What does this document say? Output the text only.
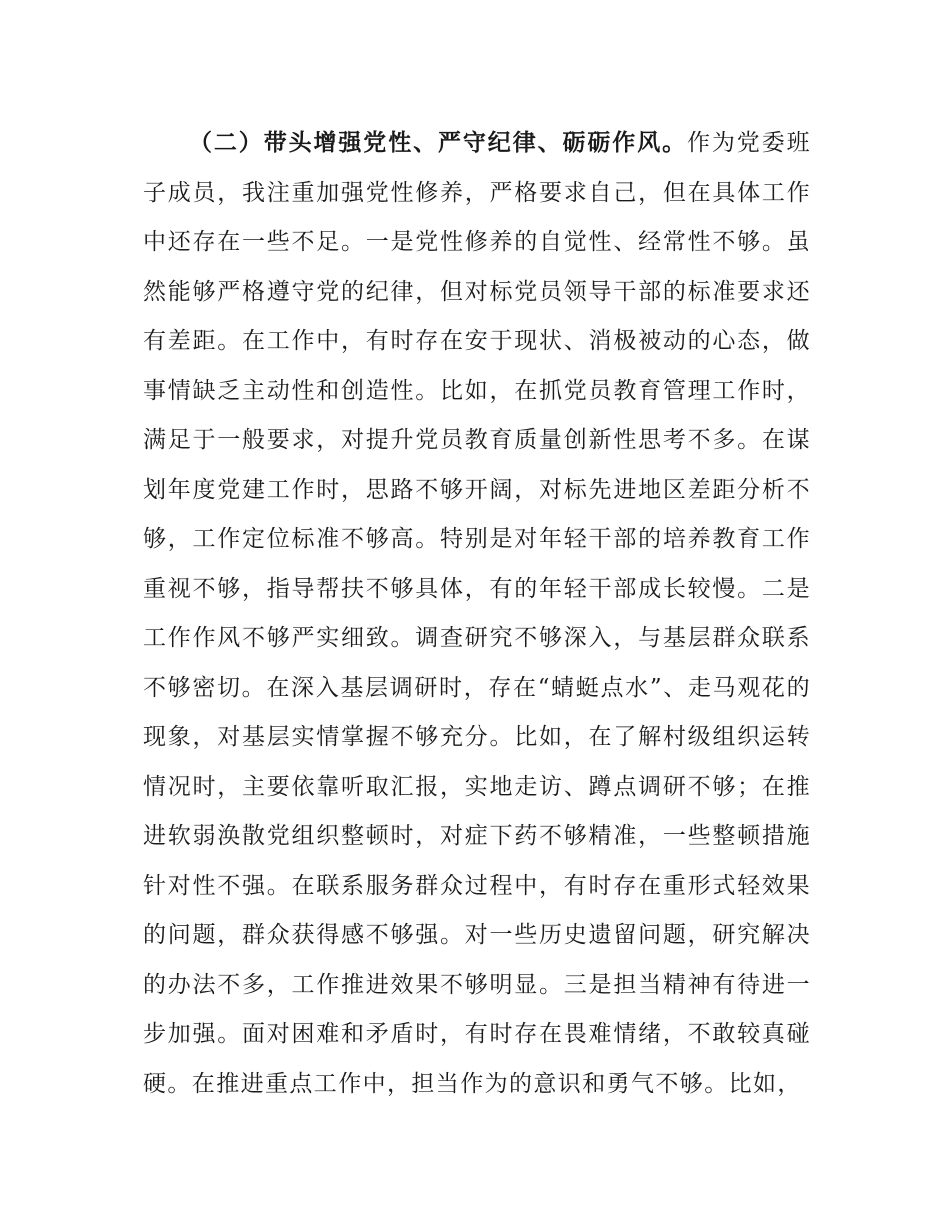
（二）带头增强党性、严守纪律、砺砺作风。作为党委班子成员，我注重加强党性修养，严格要求自己，但在具体工作中还存在一些不足。一是党性修养的自觉性、经常性不够。虽然能够严格遵守党的纪律，但对标党员领导干部的标准要求还有差距。在工作中，有时存在安于现状、消极被动的心态，做事情缺乏主动性和创造性。比如，在抓党员教育管理工作时，满足于一般要求，对提升党员教育质量创新性思考不多。在谋划年度党建工作时，思路不够开阔，对标先进地区差距分析不够，工作定位标准不够高。特别是对年轻干部的培养教育工作重视不够，指导帮扶不够具体，有的年轻干部成长较慢。二是工作作风不够严实细致。调查研究不够深入，与基层群众联系不够密切。在深入基层调研时，存在“蜻蜓点水”、走马观花的现象，对基层实情掌握不够充分。比如，在了解村级组织运转情况时，主要依靠听取汇报，实地走访、蹲点调研不够；在推进软弱涣散党组织整顿时，对症下药不够精准，一些整顿措施针对性不强。在联系服务群众过程中，有时存在重形式轻效果的问题，群众获得感不够强。对一些历史遗留问题，研究解决的办法不多，工作推进效果不够明显。三是担当精神有待进一步加强。面对困难和矛盾时，有时存在畏难情绪，不敢较真碰硬。在推进重点工作中，担当作为的意识和勇气不够。比如，
